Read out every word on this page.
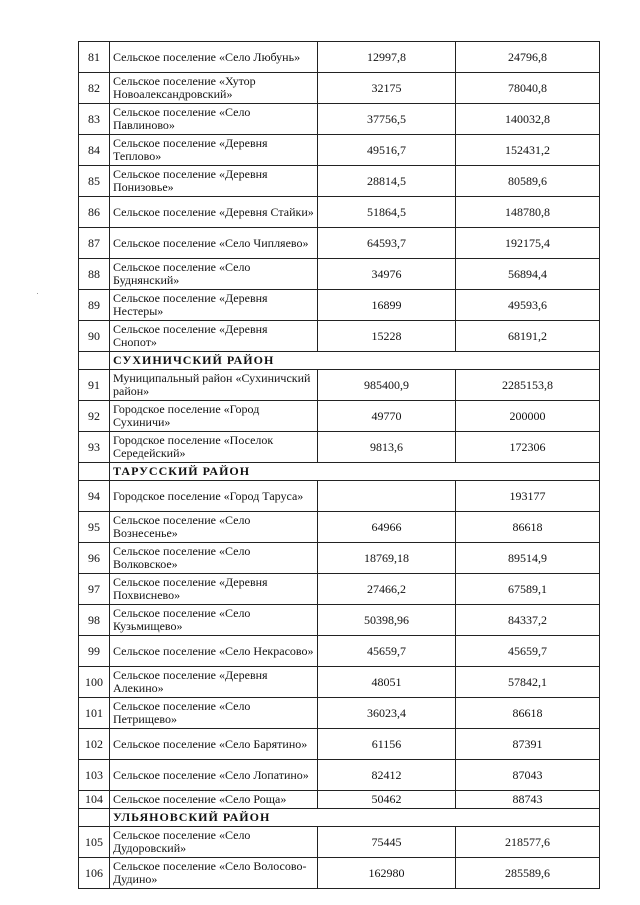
81	Сельское поселение «Село Любунь»	12997,8	24796,8
82	Сельское поселение «Хутор Новоалександровский»	32175	78040,8
83	Сельское поселение «Село Павлиново»	37756,5	140032,8
84	Сельское поселение «Деревня Теплово»	49516,7	152431,2
85	Сельское поселение «Деревня Понизовье»	28814,5	80589,6
86	Сельское поселение «Деревня Стайки»	51864,5	148780,8
87	Сельское поселение «Село Чипляево»	64593,7	192175,4
88	Сельское поселение «Село Буднянский»	34976	56894,4
89	Сельское поселение «Деревня Нестеры»	16899	49593,6
90	Сельское поселение «Деревня Снопот»	15228	68191,2
	СУХИНИЧСКИЙ РАЙОН		
91	Муниципальный район «Сухиничский район»	985400,9	2285153,8
92	Городское поселение «Город Сухиничи»	49770	200000
93	Городское поселение «Поселок Середейский»	9813,6	172306
	ТАРУССКИЙ РАЙОН		
94	Городское поселение «Город Таруса»		193177
95	Сельское поселение «Село Вознесенье»	64966	86618
96	Сельское поселение «Село Волковское»	18769,18	89514,9
97	Сельское поселение «Деревня Похвиснево»	27466,2	67589,1
98	Сельское поселение «Село Кузьмищево»	50398,96	84337,2
99	Сельское поселение «Село Некрасово»	45659,7	45659,7
100	Сельское поселение «Деревня Алекино»	48051	57842,1
101	Сельское поселение «Село Петрищево»	36023,4	86618
102	Сельское поселение «Село Барятино»	61156	87391
103	Сельское поселение «Село Лопатино»	82412	87043
104	Сельское поселение «Село Роща»	50462	88743
	УЛЬЯНОВСКИЙ РАЙОН		
105	Сельское поселение «Село Дудоровский»	75445	218577,6
106	Сельское поселение «Село Волосово-Дудино»	162980	285589,6
